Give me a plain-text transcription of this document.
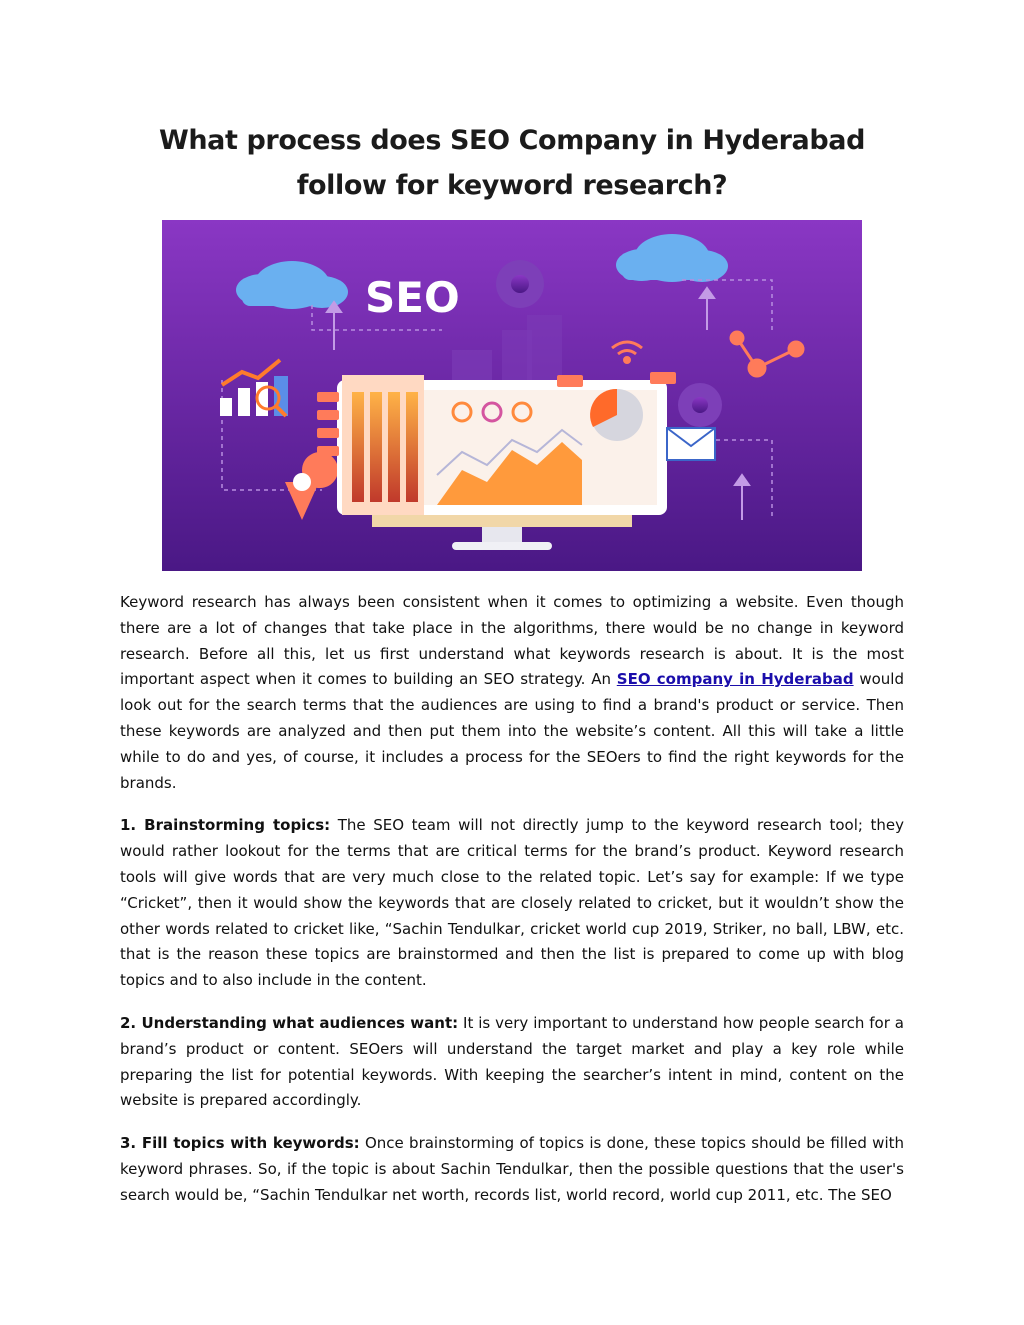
What process does SEO Company in Hyderabad follow for keyword research?
SEO

Keyword research has always been consistent when it comes to optimizing a website. Even though there are a lot of changes that take place in the algorithms, there would be no change in keyword research. Before all this, let us first understand what keywords research is about. It is the most important aspect when it comes to building an SEO strategy. An SEO company in Hyderabad would look out for the search terms that the audiences are using to find a brand's product or service. Then these keywords are analyzed and then put them into the website’s content. All this will take a little while to do and yes, of course, it includes a process for the SEOers to find the right keywords for the brands.

1. Brainstorming topics: The SEO team will not directly jump to the keyword research tool; they would rather lookout for the terms that are critical terms for the brand’s product. Keyword research tools will give words that are very much close to the related topic. Let’s say for example: If we type “Cricket”, then it would show the keywords that are closely related to cricket, but it wouldn’t show the other words related to cricket like, “Sachin Tendulkar, cricket world cup 2019, Striker, no ball, LBW, etc. that is the reason these topics are brainstormed and then the list is prepared to come up with blog topics and to also include in the content.

2. Understanding what audiences want: It is very important to understand how people search for a brand’s product or content. SEOers will understand the target market and play a key role while preparing the list for potential keywords. With keeping the searcher’s intent in mind, content on the website is prepared accordingly.

3. Fill topics with keywords: Once brainstorming of topics is done, these topics should be filled with keyword phrases. So, if the topic is about Sachin Tendulkar, then the possible questions that the user's search would be, “Sachin Tendulkar net worth, records list, world record, world cup 2011, etc. The SEO
